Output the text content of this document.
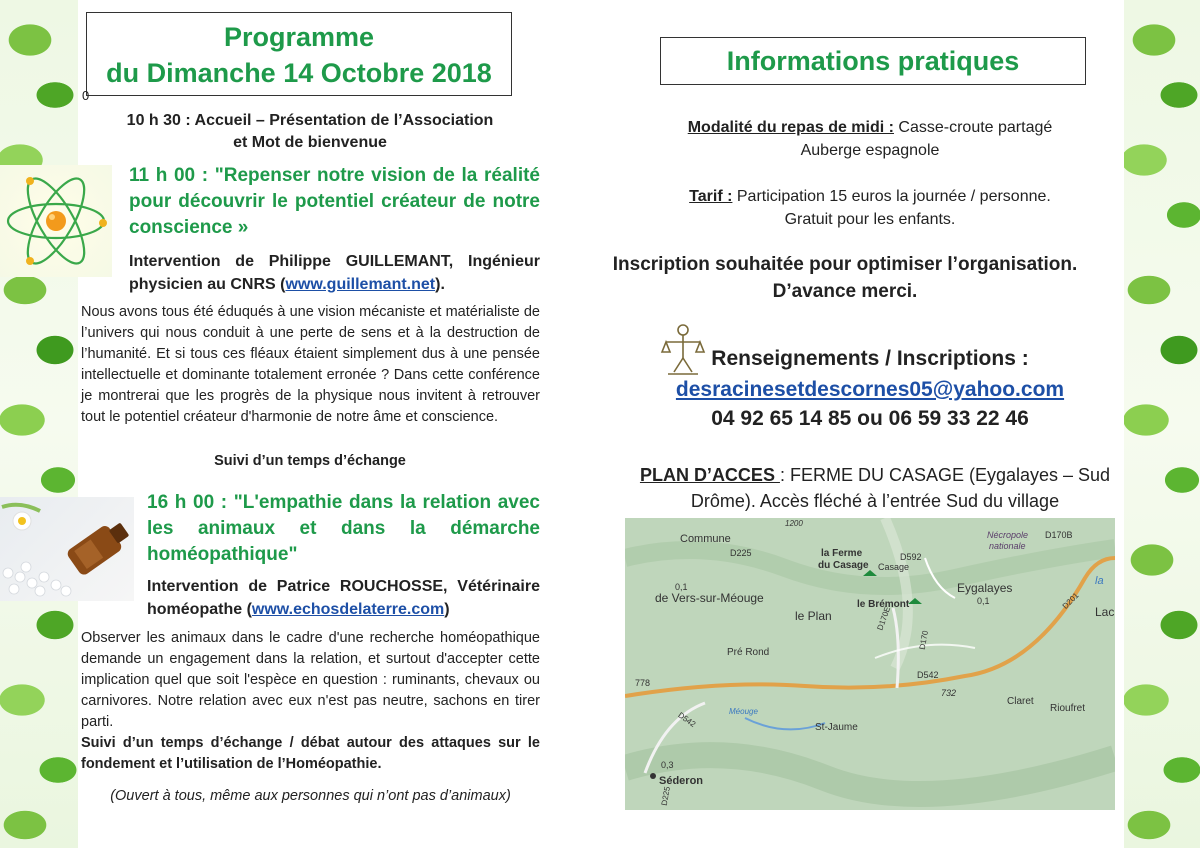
Programme
du Dimanche 14 Octobre 2018
0
10 h 30 : Accueil – Présentation de l’Association
et Mot de bienvenue
11 h 00 : "Repenser notre vision de la réalité pour découvrir le potentiel créateur de notre conscience »
Intervention de Philippe GUILLEMANT, Ingénieur physicien au CNRS (www.guillemant.net).
Nous avons tous été éduqués à une vision mécaniste et matérialiste de l’univers qui nous conduit à une perte de sens et à la destruction de l’humanité. Et si tous ces fléaux étaient simplement dus à une pensée intellectuelle et dominante totalement erronée ? Dans cette conférence je montrerai que les progrès de la physique nous invitent à retrouver tout le potentiel créateur d'harmonie de notre âme et conscience.
Suivi d’un temps d’échange
16 h 00 : "L'empathie dans la relation avec les animaux et dans la démarche homéopathique"
Intervention de Patrice ROUCHOSSE, Vétérinaire homéopathe (www.echosdelaterre.com)
Observer les animaux dans le cadre d'une recherche homéopathique demande un engagement dans la relation, et surtout d'accepter cette implication quel que soit l'espèce en question : ruminants, chevaux ou carnivores. Notre relation avec eux n'est pas neutre, sachons en tirer parti.
Suivi d’un temps d’échange / débat autour des attaques sur le fondement et l’utilisation de l’Homéopathie.
(Ouvert à tous, même aux personnes qui n’ont pas d’animaux)
Informations pratiques
Modalité du repas de midi : Casse-croute partagé
Auberge espagnole
Tarif : Participation 15 euros la journée / personne.
Gratuit pour les enfants.
Inscription souhaitée pour optimiser l’organisation.
D’avance merci.
Renseignements / Inscriptions :
desracinesetdescornes05@yahoo.com
04 92 65 14 85 ou 06 59 33 22 46
PLAN D’ACCES : FERME DU CASAGE (Eygalayes – Sud
Drôme). Accès fléché à l’entrée Sud du village
Commune
D225	la Ferme
du Casage Casage
D592
Eygalayes
Nécropole
nationale
D170B
de Vers-sur-Méouge
0,1
0,1
le Plan
le Brémont
D170E
D170
D201
Lac
la
Pré Rond
D542
778
732
Claret
Rioufret
D542	Méouge
St-Jaume
0,3
Séderon
D225
1200
